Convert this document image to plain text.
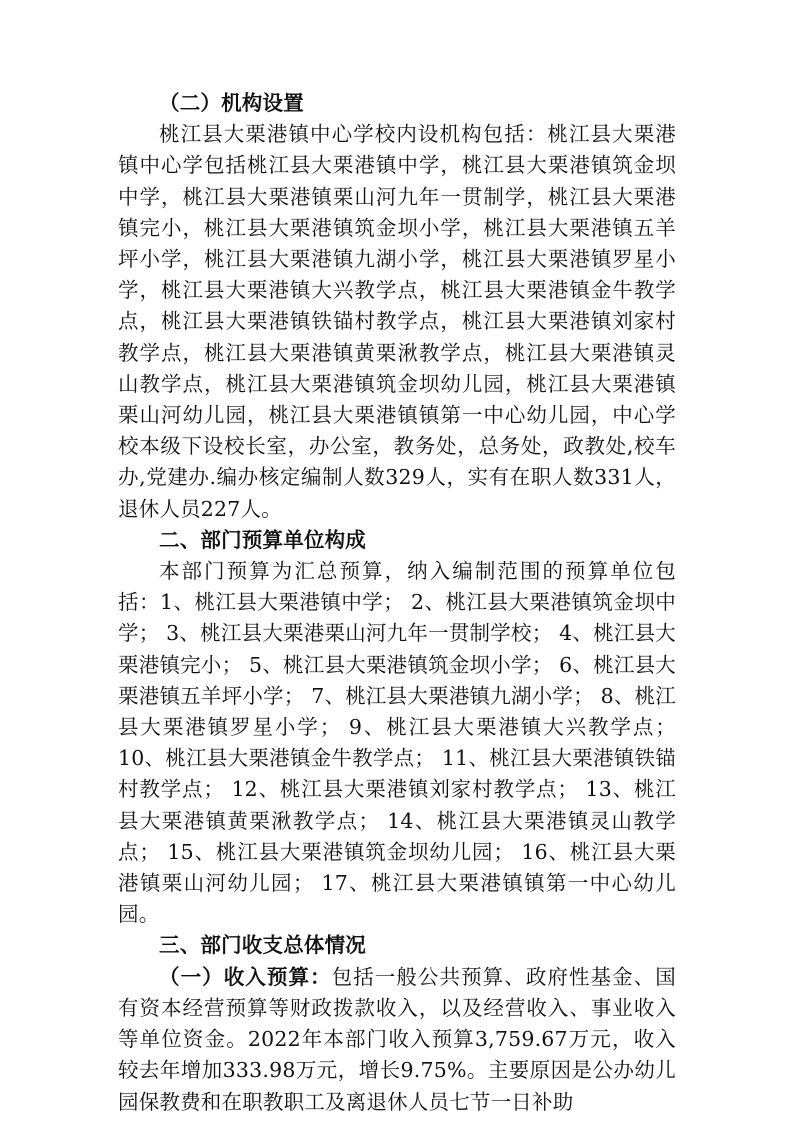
（二）机构设置

桃江县大栗港镇中心学校内设机构包括：桃江县大栗港镇中心学包括桃江县大栗港镇中学，桃江县大栗港镇筑金坝中学，桃江县大栗港镇栗山河九年一贯制学，桃江县大栗港镇完小，桃江县大栗港镇筑金坝小学，桃江县大栗港镇五羊坪小学，桃江县大栗港镇九湖小学，桃江县大栗港镇罗星小学，桃江县大栗港镇大兴教学点，桃江县大栗港镇金牛教学点，桃江县大栗港镇铁锚村教学点，桃江县大栗港镇刘家村教学点，桃江县大栗港镇黄栗湫教学点，桃江县大栗港镇灵山教学点，桃江县大栗港镇筑金坝幼儿园，桃江县大栗港镇栗山河幼儿园，桃江县大栗港镇镇第一中心幼儿园，中心学校本级下设校长室，办公室，教务处，总务处，政教处,校车办,党建办.编办核定编制人数329人，实有在职人数331人，退休人员227人。

二、部门预算单位构成

本部门预算为汇总预算，纳入编制范围的预算单位包括：1、桃江县大栗港镇中学； 2、桃江县大栗港镇筑金坝中学； 3、桃江县大栗港栗山河九年一贯制学校； 4、桃江县大栗港镇完小； 5、桃江县大栗港镇筑金坝小学； 6、桃江县大栗港镇五羊坪小学； 7、桃江县大栗港镇九湖小学； 8、桃江县大栗港镇罗星小学； 9、桃江县大栗港镇大兴教学点； 10、桃江县大栗港镇金牛教学点； 11、桃江县大栗港镇铁锚村教学点； 12、桃江县大栗港镇刘家村教学点； 13、桃江县大栗港镇黄栗湫教学点； 14、桃江县大栗港镇灵山教学点； 15、桃江县大栗港镇筑金坝幼儿园； 16、桃江县大栗港镇栗山河幼儿园； 17、桃江县大栗港镇镇第一中心幼儿园。

三、部门收支总体情况

（一）收入预算：包括一般公共预算、政府性基金、国有资本经营预算等财政拨款收入，以及经营收入、事业收入等单位资金。2022年本部门收入预算3,759.67万元，收入较去年增加333.98万元，增长9.75%。主要原因是公办幼儿园保教费和在职教职工及离退休人员七节一日补助
